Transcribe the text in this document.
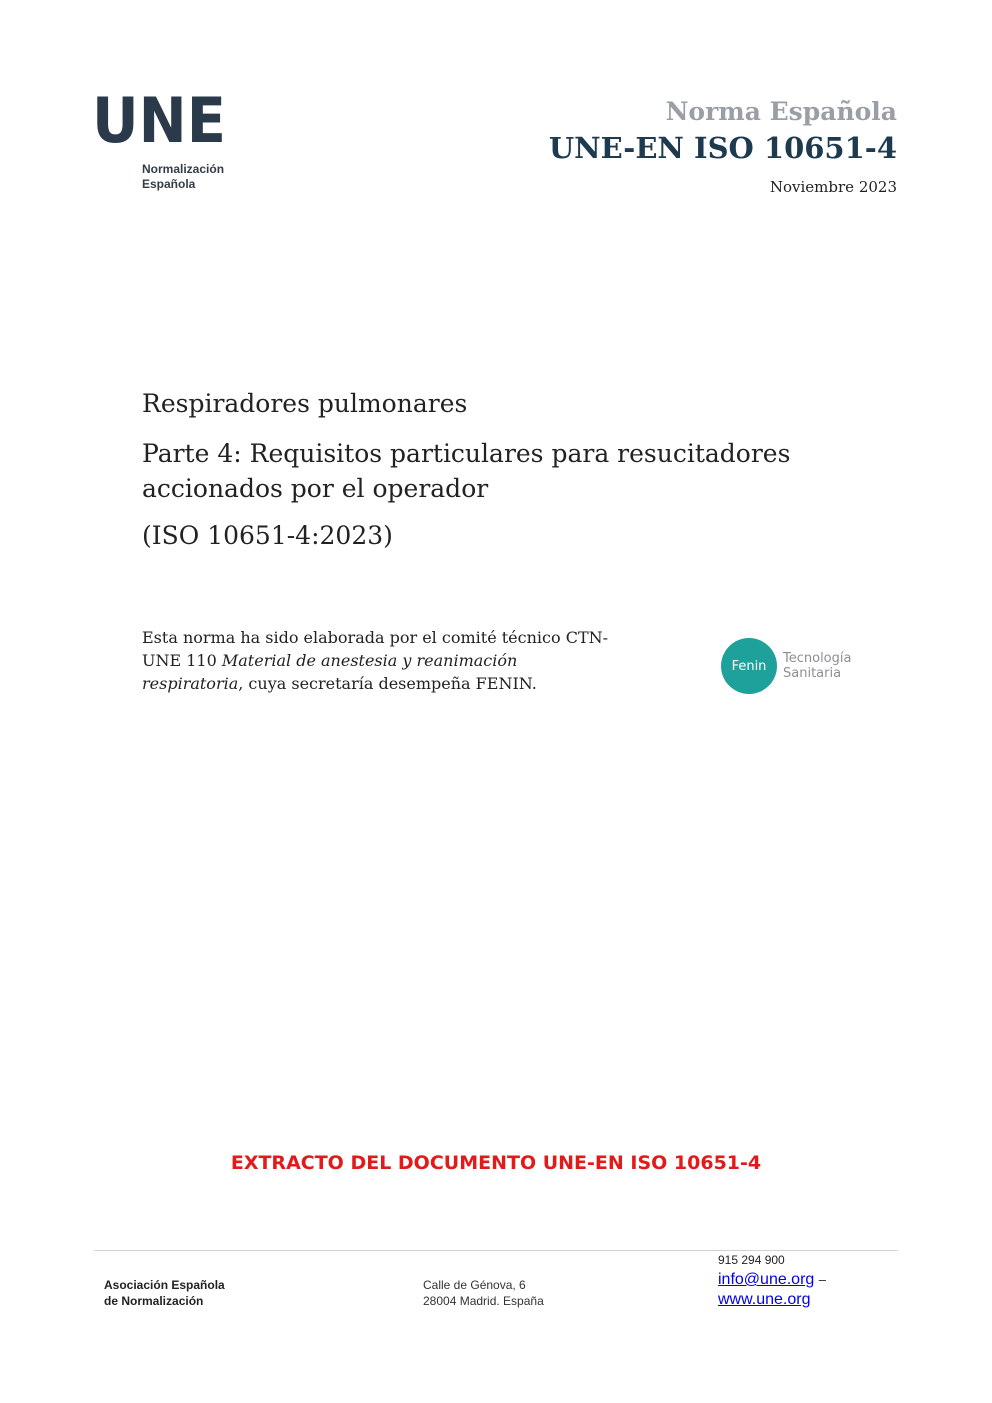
UNE
Normalización
Española
Norma Española
UNE-EN ISO 10651-4
Noviembre 2023
Respiradores pulmonares
Parte 4: Requisitos particulares para resucitadores accionados por el operador
(ISO 10651-4:2023)
Esta norma ha sido elaborada por el comité técnico CTN-UNE 110 Material de anestesia y reanimación respiratoria, cuya secretaría desempeña FENIN.
Fenin	Tecnología
Sanitaria
EXTRACTO DEL DOCUMENTO UNE-EN ISO 10651-4
Asociación Española
de Normalización
Calle de Génova, 6
28004 Madrid. España
915 294 900
info@une.org –
www.une.org
